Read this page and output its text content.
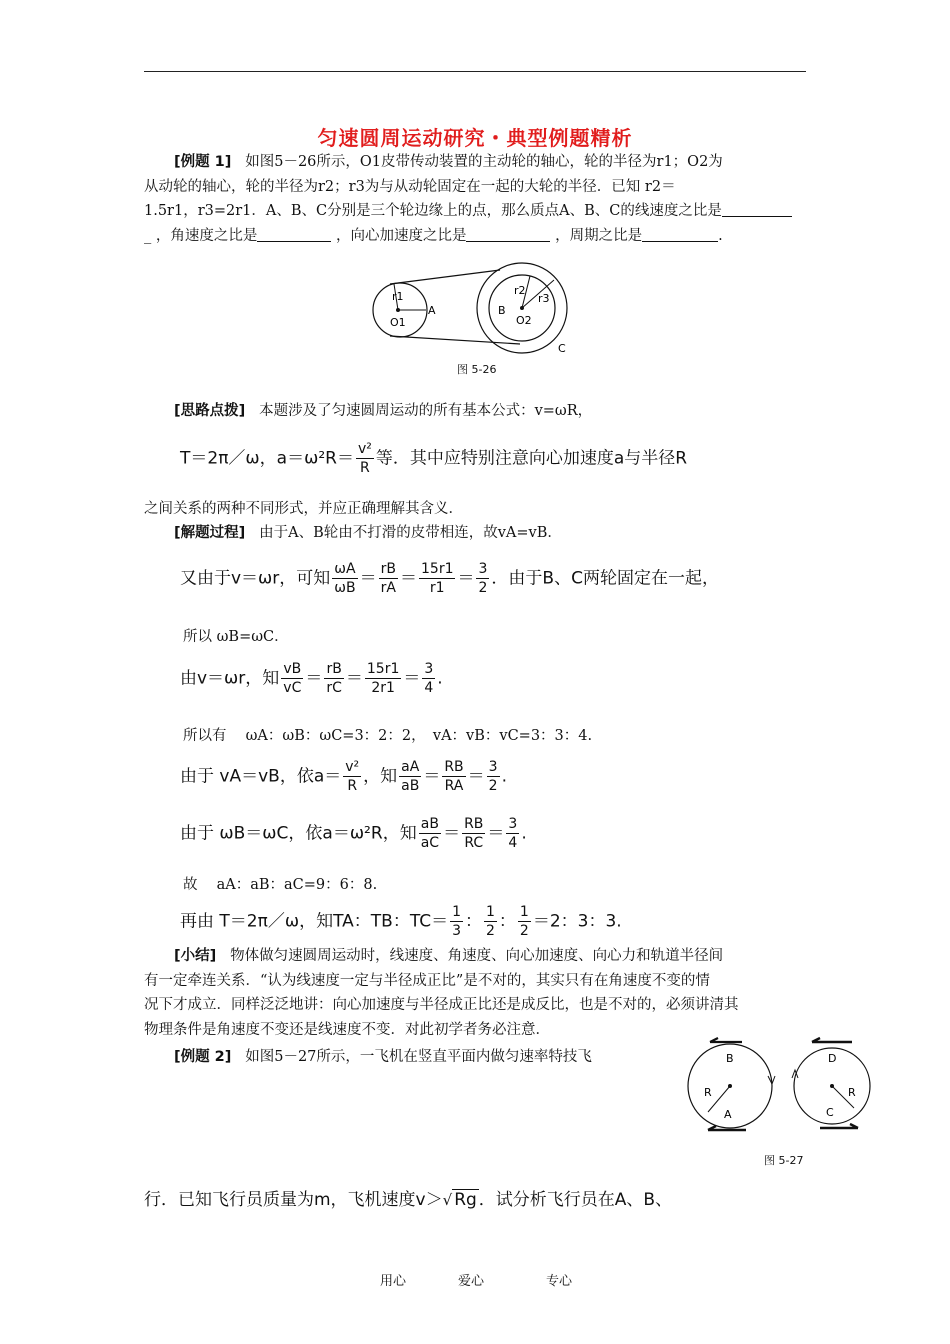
匀速圆周运动研究・典型例题精析
[例题 1] 如图5－26所示，O1皮带传动装置的主动轮的轴心，轮的半径为r1；O2为
从动轮的轴心，轮的半径为r2；r3为与从动轮固定在一起的大轮的半径．已知 r2＝
1.5r1，r3=2r1．A、B、C分别是三个轮边缘上的点，那么质点A、B、C的线速度之比是
_ ，角速度之比是	，向心加速度之比是	，周期之比是	.
r1
O1
A
r2
r3
B
O2
C
图 5-26
[思路点拨] 本题涉及了匀速圆周运动的所有基本公式：v=ωR，
T＝2π／ω，$a=\omega^2R= \frac{\text{v²}}{R}$ 等．其中应特别注意向心加速度a与半径R
之间关系的两种不同形式，并应正确理解其含义．
[解题过程] 由于A、B轮由不打滑的皮带相连，故vA=vB．
又由于v＝ωr，可知 $\frac{\omega A}{\omega B} = \frac{rB}{rA} = \frac{15r1}{r1} = \frac{3}{2}$ ．由于B、C两轮固定在一起，
所以 ωB=ωC．
由v＝ωr，知 $\frac{vB}{vC} = \frac{rB}{rC} = \frac{15r1}{2r1} = \frac{3}{4}$ .
所以有　 ωA：ωB：ωC=3：2：2，　vA：vB：vC=3：3：4.
由于 vA＝vB，依$a= \frac{\text{v²}}{R}$ ，知 $\frac{aA}{aB} = \frac{RB}{RA} = \frac{3}{2}$ .
由于 ωB＝ωC，依a＝ω²R，知 $\frac{aB}{aC} = \frac{RB}{RC} = \frac{3}{4}$ .
故　 aA：aB：aC=9：6：8.
再由 T＝2π／ω，知TA：TB：$TC= \frac{1}{3}$ ： $\frac{1}{2}$ ： $\frac{1}{2} =2$：3：3.
[小结] 物体做匀速圆周运动时，线速度、角速度、向心加速度、向心力和轨道半径间
有一定牵连关系．“认为线速度一定与半径成正比”是不对的，其实只有在角速度不变的情
况下才成立．同样泛泛地讲：向心加速度与半径成正比还是成反比，也是不对的，必须讲清其
物理条件是角速度不变还是线速度不变．对此初学者务必注意．
[例题 2] 如图5－27所示，一飞机在竖直平面内做匀速率特技飞	B
R
A
D
R
C
图 5-27
行．已知飞行员质量为m，飞机速度v＞√ Rg ．试分析飞行员在A、B、
用心	爱心	专心
